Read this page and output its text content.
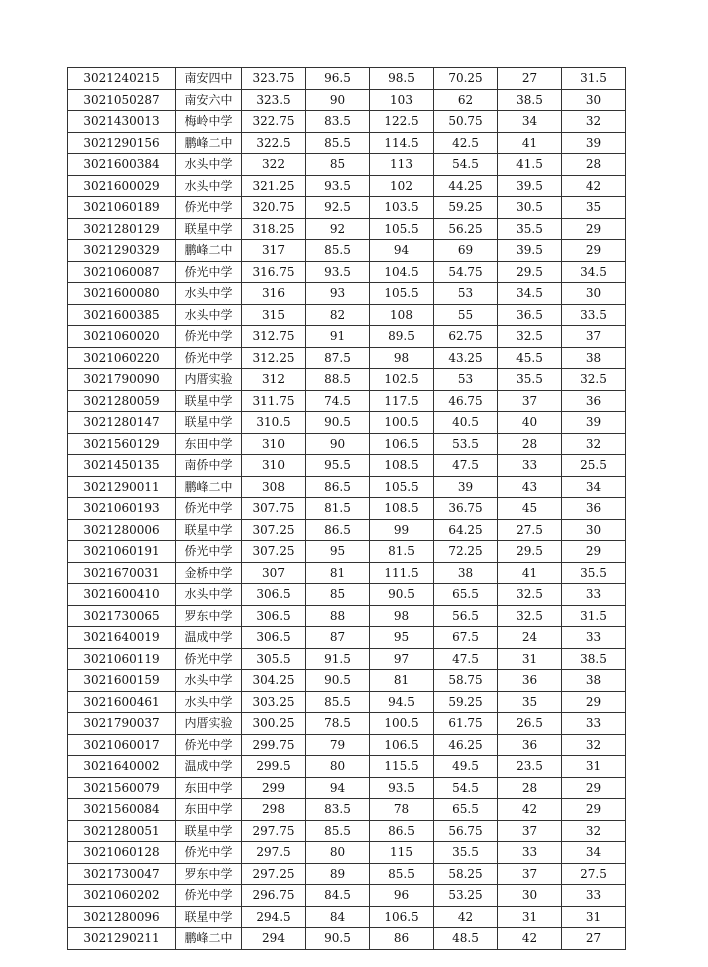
3021240215	南安四中	323.75	96.5	98.5	70.25	27	31.5
3021050287	南安六中	323.5	90	103	62	38.5	30
3021430013	梅岭中学	322.75	83.5	122.5	50.75	34	32
3021290156	鹏峰二中	322.5	85.5	114.5	42.5	41	39
3021600384	水头中学	322	85	113	54.5	41.5	28
3021600029	水头中学	321.25	93.5	102	44.25	39.5	42
3021060189	侨光中学	320.75	92.5	103.5	59.25	30.5	35
3021280129	联星中学	318.25	92	105.5	56.25	35.5	29
3021290329	鹏峰二中	317	85.5	94	69	39.5	29
3021060087	侨光中学	316.75	93.5	104.5	54.75	29.5	34.5
3021600080	水头中学	316	93	105.5	53	34.5	30
3021600385	水头中学	315	82	108	55	36.5	33.5
3021060020	侨光中学	312.75	91	89.5	62.75	32.5	37
3021060220	侨光中学	312.25	87.5	98	43.25	45.5	38
3021790090	内厝实验	312	88.5	102.5	53	35.5	32.5
3021280059	联星中学	311.75	74.5	117.5	46.75	37	36
3021280147	联星中学	310.5	90.5	100.5	40.5	40	39
3021560129	东田中学	310	90	106.5	53.5	28	32
3021450135	南侨中学	310	95.5	108.5	47.5	33	25.5
3021290011	鹏峰二中	308	86.5	105.5	39	43	34
3021060193	侨光中学	307.75	81.5	108.5	36.75	45	36
3021280006	联星中学	307.25	86.5	99	64.25	27.5	30
3021060191	侨光中学	307.25	95	81.5	72.25	29.5	29
3021670031	金桥中学	307	81	111.5	38	41	35.5
3021600410	水头中学	306.5	85	90.5	65.5	32.5	33
3021730065	罗东中学	306.5	88	98	56.5	32.5	31.5
3021640019	温成中学	306.5	87	95	67.5	24	33
3021060119	侨光中学	305.5	91.5	97	47.5	31	38.5
3021600159	水头中学	304.25	90.5	81	58.75	36	38
3021600461	水头中学	303.25	85.5	94.5	59.25	35	29
3021790037	内厝实验	300.25	78.5	100.5	61.75	26.5	33
3021060017	侨光中学	299.75	79	106.5	46.25	36	32
3021640002	温成中学	299.5	80	115.5	49.5	23.5	31
3021560079	东田中学	299	94	93.5	54.5	28	29
3021560084	东田中学	298	83.5	78	65.5	42	29
3021280051	联星中学	297.75	85.5	86.5	56.75	37	32
3021060128	侨光中学	297.5	80	115	35.5	33	34
3021730047	罗东中学	297.25	89	85.5	58.25	37	27.5
3021060202	侨光中学	296.75	84.5	96	53.25	30	33
3021280096	联星中学	294.5	84	106.5	42	31	31
3021290211	鹏峰二中	294	90.5	86	48.5	42	27
